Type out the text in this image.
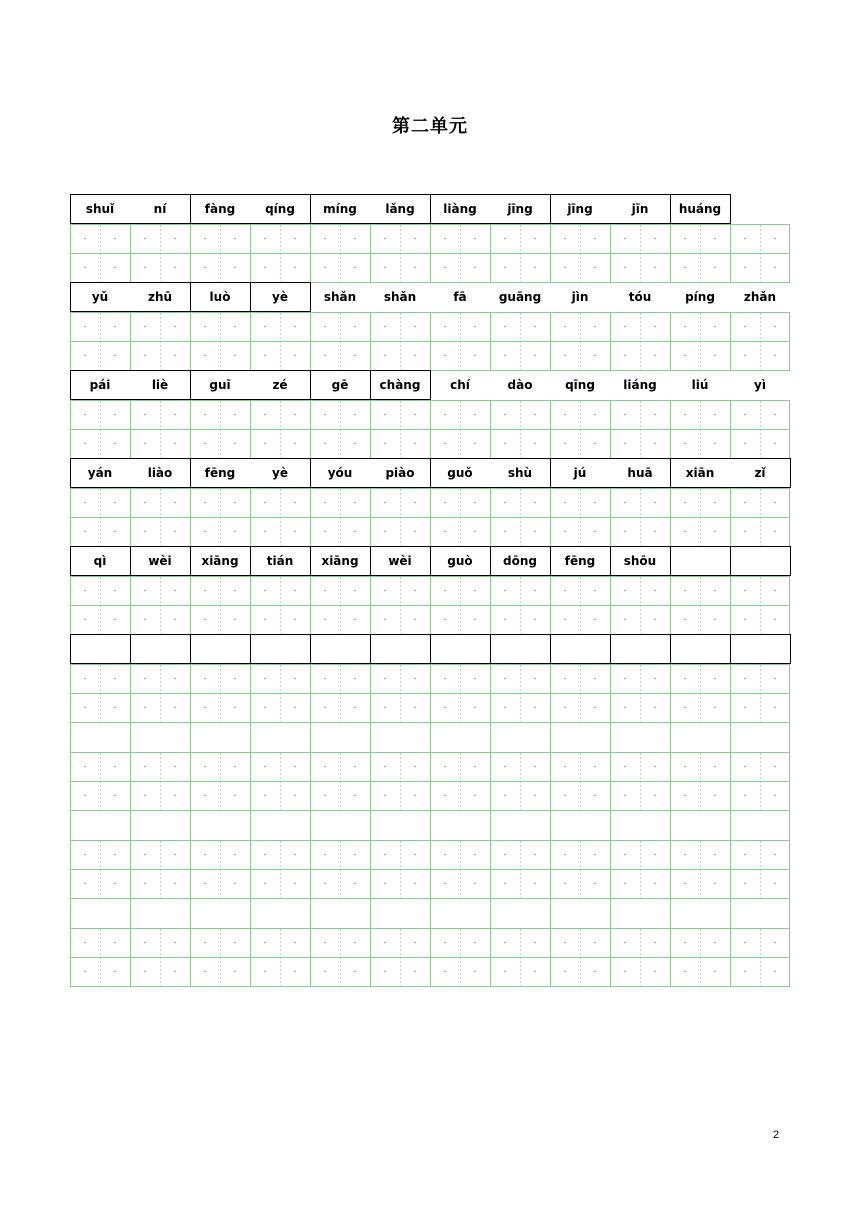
第二单元
shuǐ	ní	fàng	qíng	míng	lǎng	liàng	jīng	jīng	jīn	huáng
yǔ	zhū	luò	yè	shǎn	shǎn	fā	guāng	jìn	tóu	píng	zhǎn
pái	liè	guī	zé	gē	chàng	chí	dào	qīng	liáng	liú	yì
yán	liào	fēng	yè	yóu	piào	guǒ	shù	jú	huā	xiān	zǐ
qì	wèi	xiāng	tián	xiāng	wèi	guò	dōng	fēng	shōu
2
